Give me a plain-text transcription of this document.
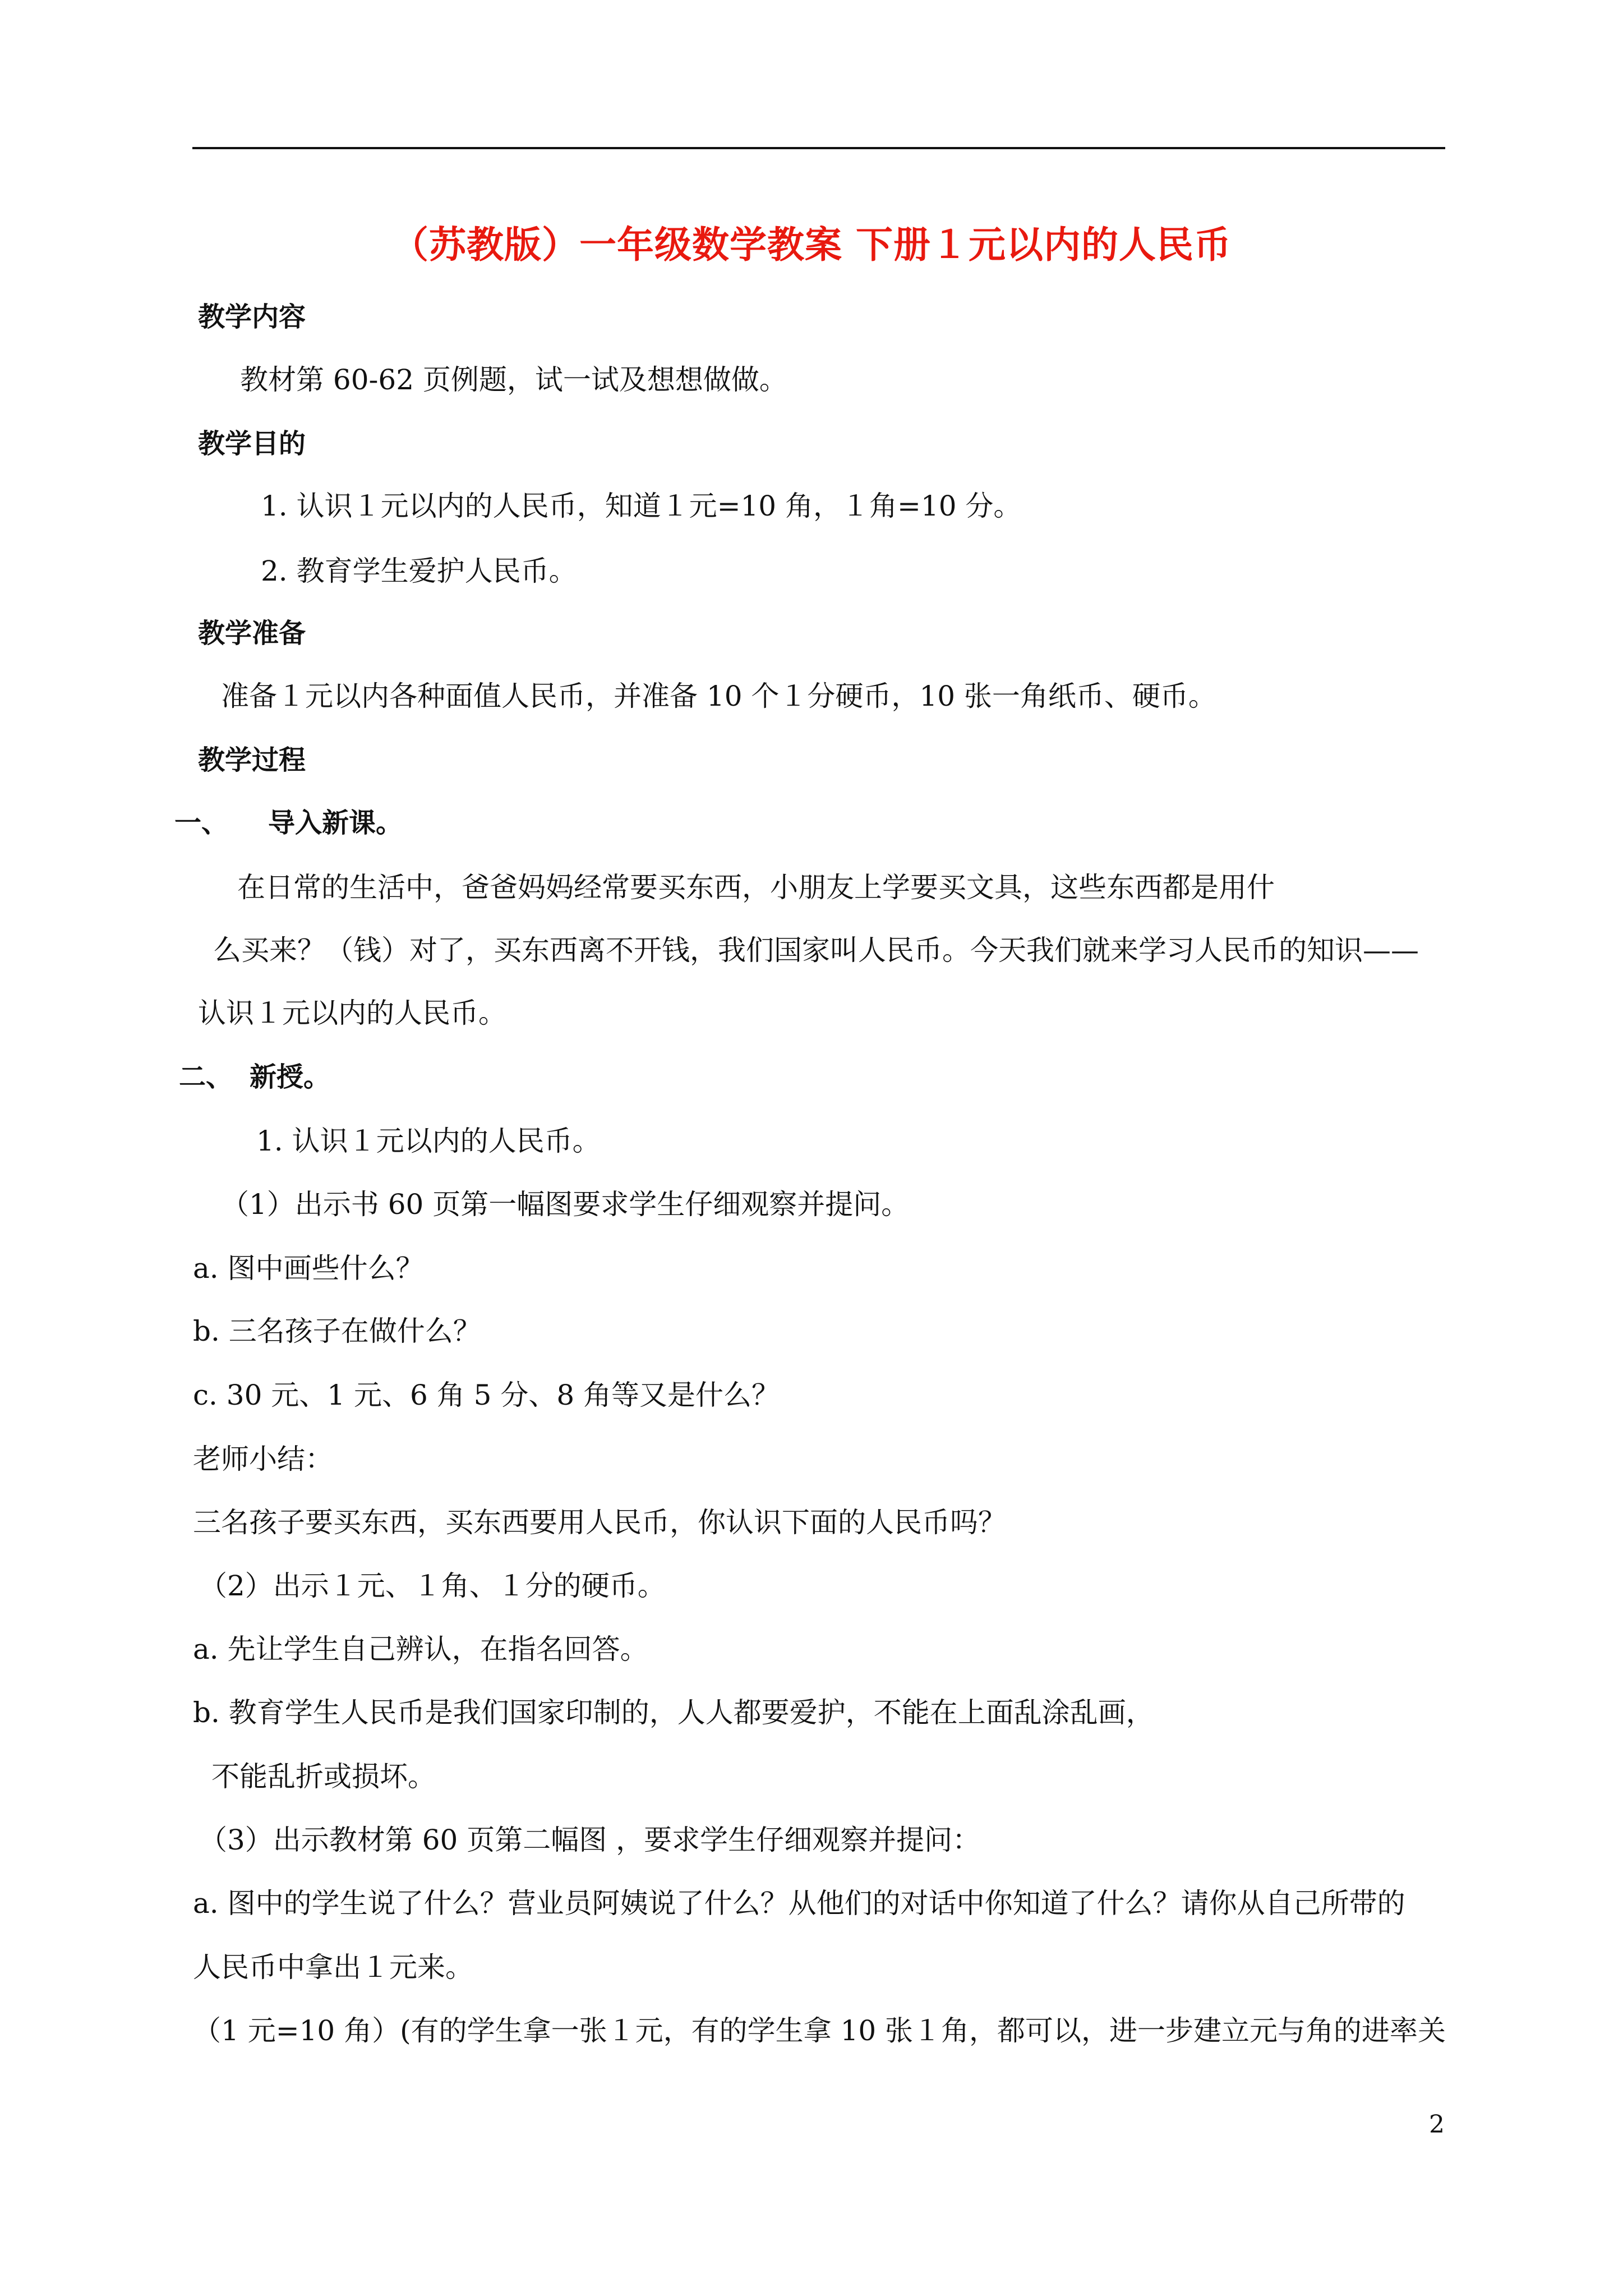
（苏教版）一年级数学教案 下册１元以内的人民币
教学内容
教材第 60-62 页例题，试一试及想想做做。
教学目的
1. 认识１元以内的人民币，知道１元=10 角，１角=10 分。
2. 教育学生爱护人民币。
教学准备
准备１元以内各种面值人民币，并准备 10 个１分硬币，10 张一角纸币、硬币。
教学过程
一、 导入新课。
在日常的生活中，爸爸妈妈经常要买东西，小朋友上学要买文具，这些东西都是用什
么买来？（钱）对了，买东西离不开钱，我们国家叫人民币。今天我们就来学习人民币的知识——
认识１元以内的人民币。
二、 新授。
1. 认识１元以内的人民币。
（1）出示书 60 页第一幅图要求学生仔细观察并提问。
a. 图中画些什么？
b. 三名孩子在做什么？
c. 30 元、1 元、6 角 5 分、8 角等又是什么？
老师小结：
三名孩子要买东西，买东西要用人民币，你认识下面的人民币吗？
（2）出示１元、１角、１分的硬币。
a. 先让学生自己辨认，在指名回答。
b. 教育学生人民币是我们国家印制的，人人都要爱护，不能在上面乱涂乱画，
不能乱折或损坏。
（3）出示教材第 60 页第二幅图 ，要求学生仔细观察并提问：
a. 图中的学生说了什么？营业员阿姨说了什么？从他们的对话中你知道了什么？请你从自己所带的
人民币中拿出１元来。
（1 元=10 角）(有的学生拿一张１元，有的学生拿 10 张１角，都可以，进一步建立元与角的进率关
2
